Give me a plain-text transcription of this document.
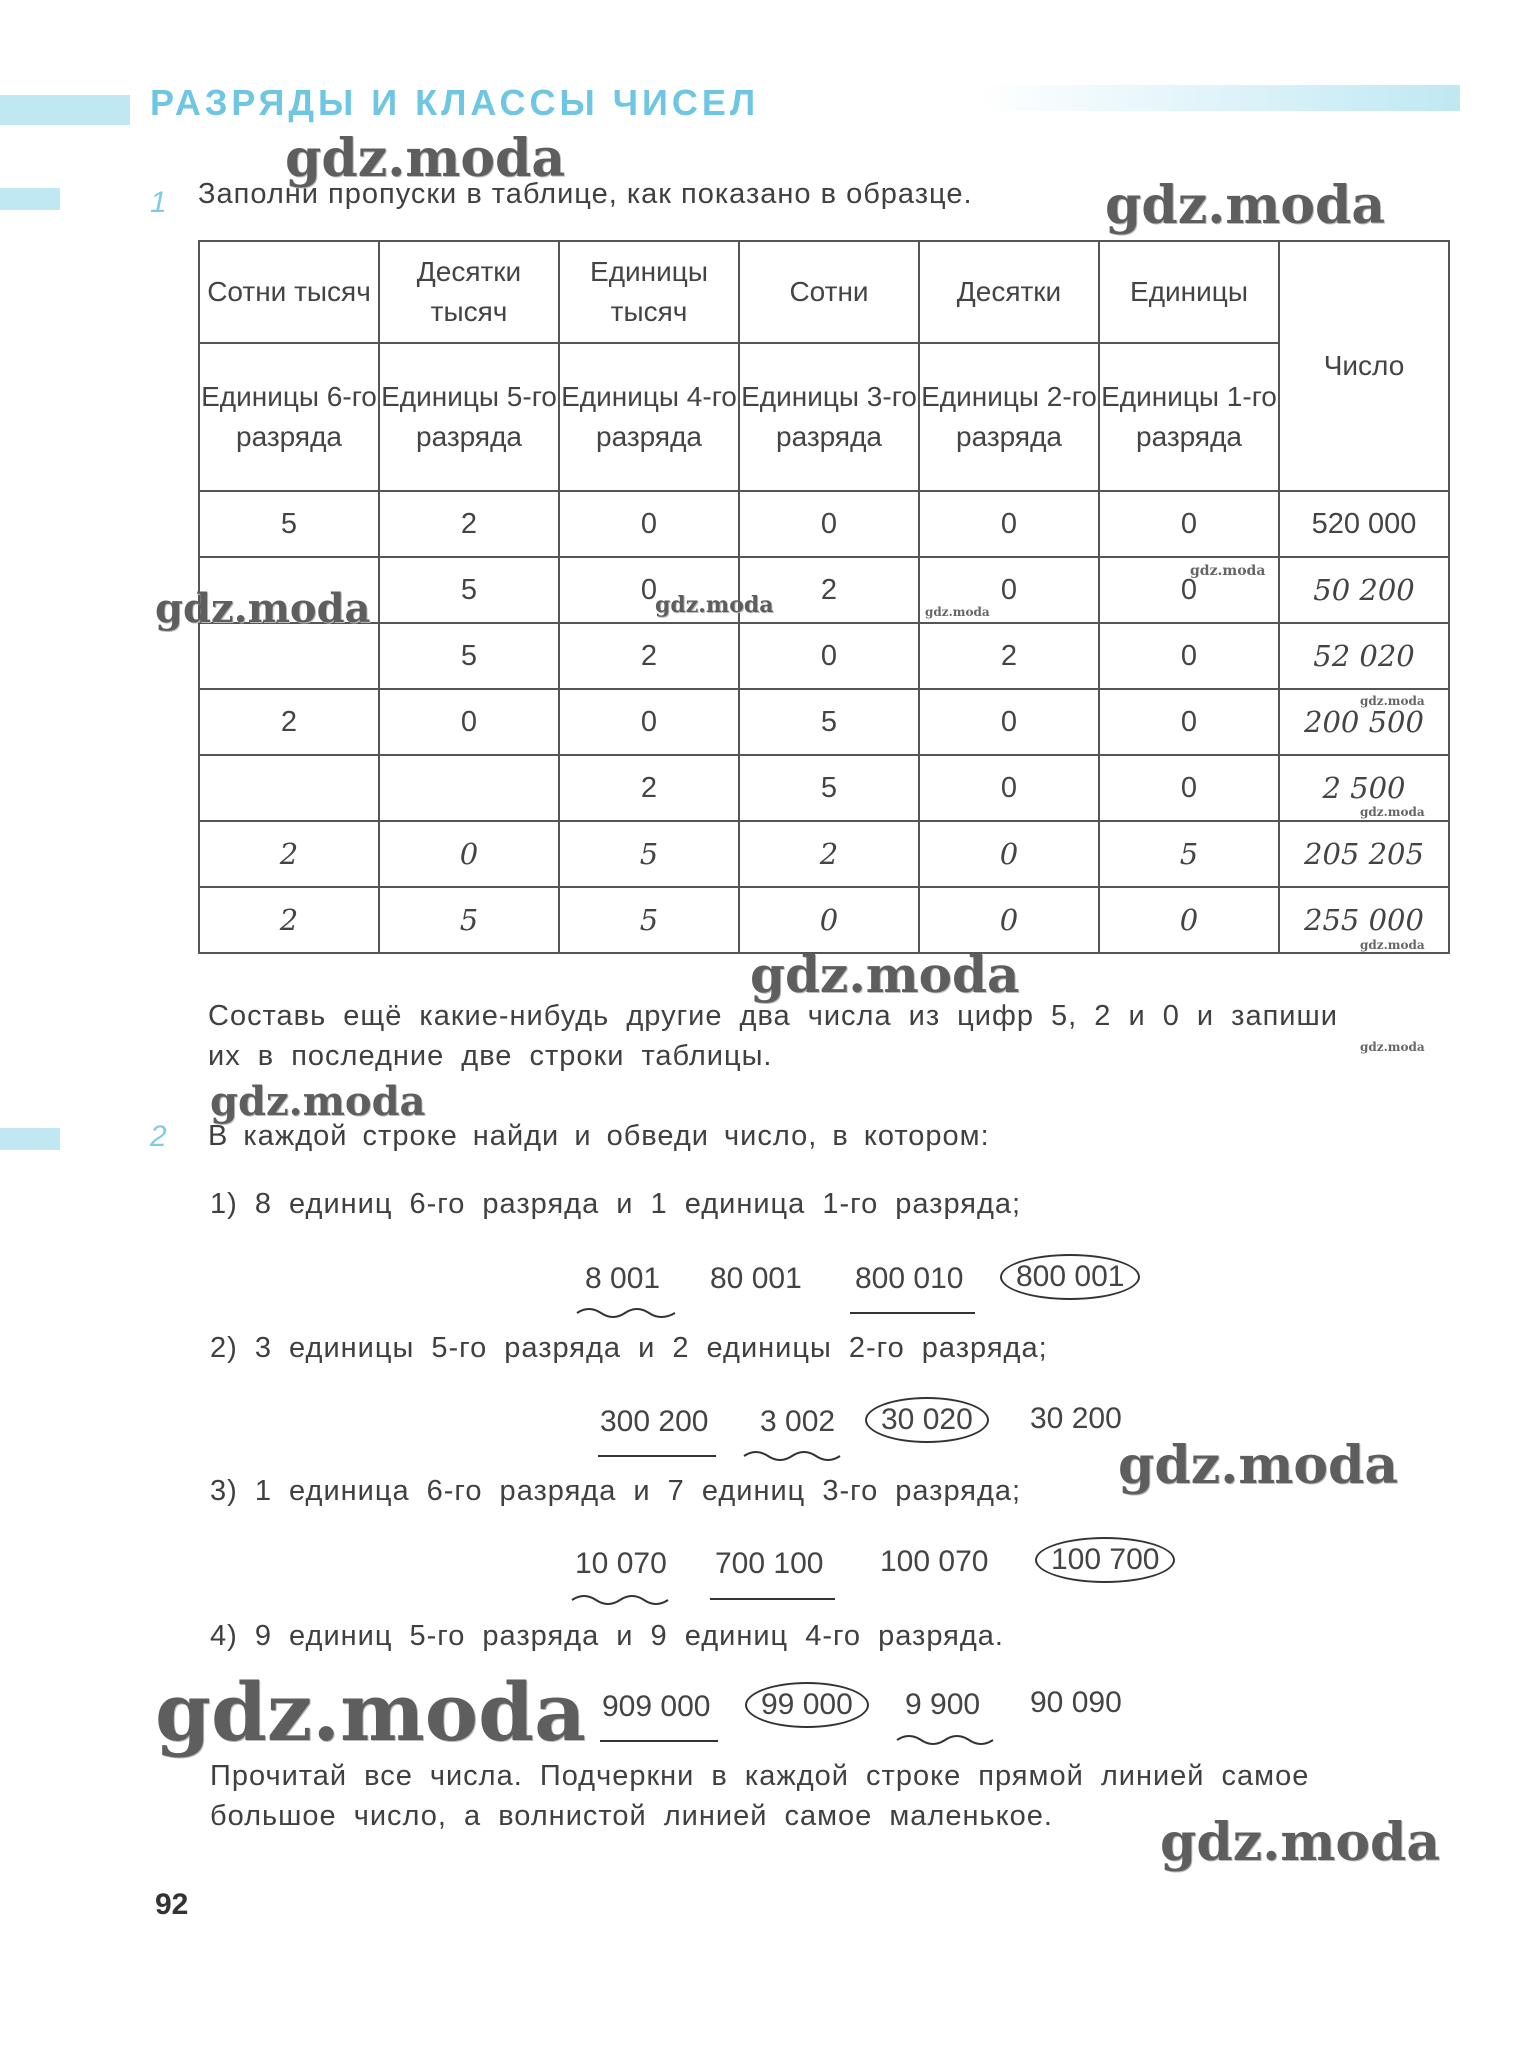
РАЗРЯДЫ И КЛАССЫ ЧИСЕЛ
1 Заполни пропуски в таблице, как показано в образце.
Сотни тысяч	Десятки тысяч	Единицы тысяч	Сотни	Десятки	Единицы	Число
Единицы 6-го разряда	Единицы 5-го разряда	Единицы 4-го разряда	Единицы 3-го разряда	Единицы 2-го разряда	Единицы 1-го разряда	
5	2	0	0	0	0	520 000
	5	0	2	0	0	50 200
	5	2	0	2	0	52 020
2	0	0	5	0	0	200 500
		2	5	0	0	2 500
2	0	5	2	0	5	205 205
2	5	5	0	0	0	255 000
Составь ещё какие-нибудь другие два числа из цифр 5, 2 и 0 и запиши
их в последние две строки таблицы.
2 В каждой строке найди и обведи число, в котором:
1) 8 единиц 6-го разряда и 1 единица 1-го разряда;
8 001 80 001 800 010	800 001
2) 3 единицы 5-го разряда и 2 единицы 2-го разряда;
300 200 3 002	30 020	30 200
3) 1 единица 6-го разряда и 7 единиц 3-го разряда;
10 070 700 100 100 070	100 700
4) 9 единиц 5-го разряда и 9 единиц 4-го разряда.
909 000	99 000	9 900 90 090
Прочитай все числа. Подчеркни в каждой строке прямой линией самое
большое число, а волнистой линией самое маленькое.
92
gdz.moda
gdz.moda
gdz.moda	gdz.moda
gdz.moda
gdz.moda
gdz.moda
gdz.moda
gdz.moda
gdz.moda
gdz.moda
gdz.moda
gdz.moda
gdz.moda
gdz.moda
